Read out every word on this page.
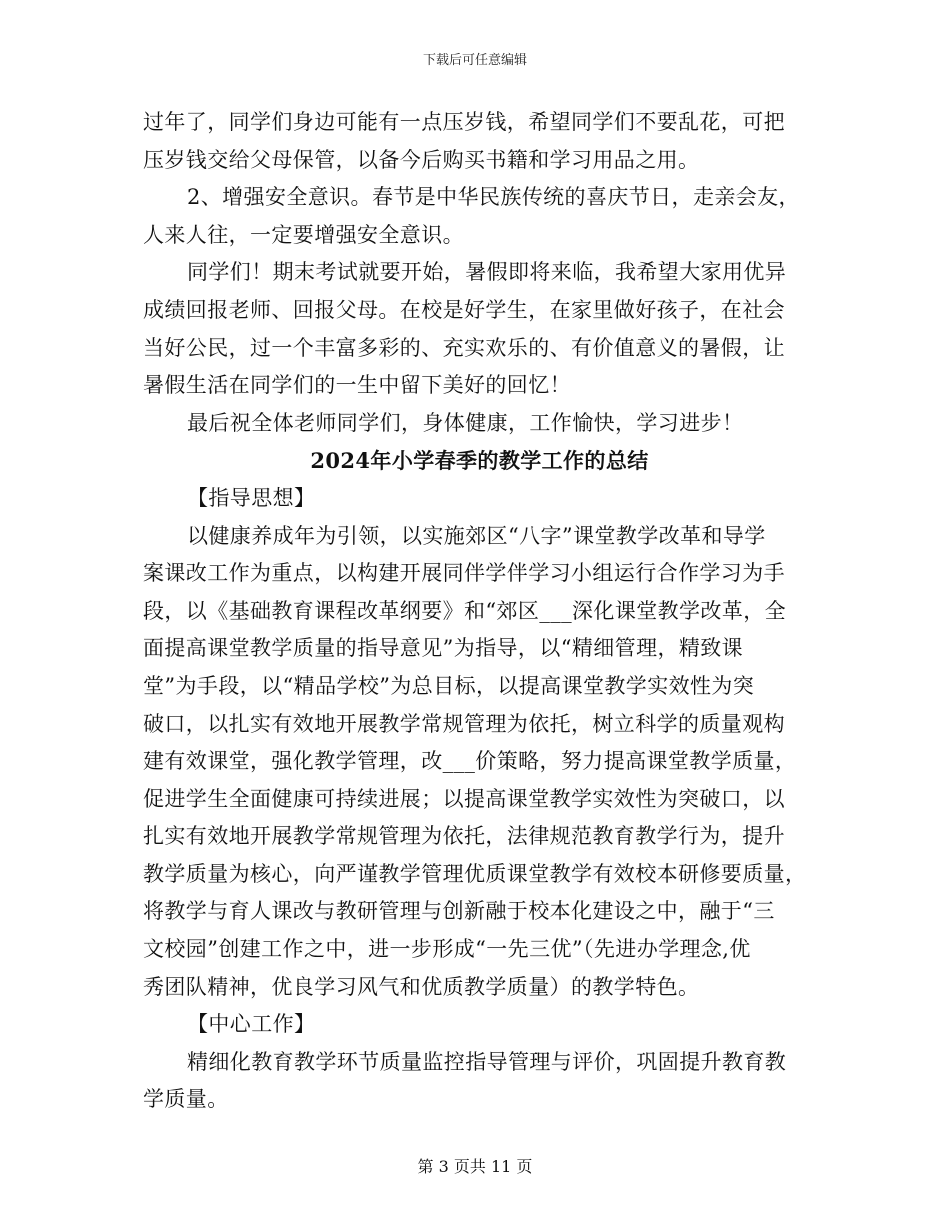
下载后可任意编辑
过年了，同学们身边可能有一点压岁钱，希望同学们不要乱花，可把
压岁钱交给父母保管，以备今后购买书籍和学习用品之用。
2、增强安全意识。春节是中华民族传统的喜庆节日，走亲会友，
人来人往，一定要增强安全意识。
同学们！期末考试就要开始，暑假即将来临，我希望大家用优异
成绩回报老师、回报父母。在校是好学生，在家里做好孩子，在社会
当好公民，过一个丰富多彩的、充实欢乐的、有价值意义的暑假，让
暑假生活在同学们的一生中留下美好的回忆！
最后祝全体老师同学们，身体健康，工作愉快，学习进步！
2024年小学春季的教学工作的总结
【指导思想】
以健康养成年为引领，以实施郊区“八字”课堂教学改革和导学
案课改工作为重点，以构建开展同伴学伴学习小组运行合作学习为手
段，以《基础教育课程改革纲要》和“郊区___深化课堂教学改革，全
面提高课堂教学质量的指导意见”为指导，以“精细管理，精致课
堂”为手段，以“精品学校”为总目标，以提高课堂教学实效性为突
破口，以扎实有效地开展教学常规管理为依托，树立科学的质量观构
建有效课堂，强化教学管理，改___价策略，努力提高课堂教学质量，
促进学生全面健康可持续进展；以提高课堂教学实效性为突破口，以
扎实有效地开展教学常规管理为依托，法律规范教育教学行为，提升
教学质量为核心，向严谨教学管理优质课堂教学有效校本研修要质量，
将教学与育人课改与教研管理与创新融于校本化建设之中，融于“三
文校园”创建工作之中，进一步形成“一先三优”（先进办学理念,优
秀团队精神，优良学习风气和优质教学质量）的教学特色。
【中心工作】
精细化教育教学环节质量监控指导管理与评价，巩固提升教育教
学质量。
第 3 页共 11 页
